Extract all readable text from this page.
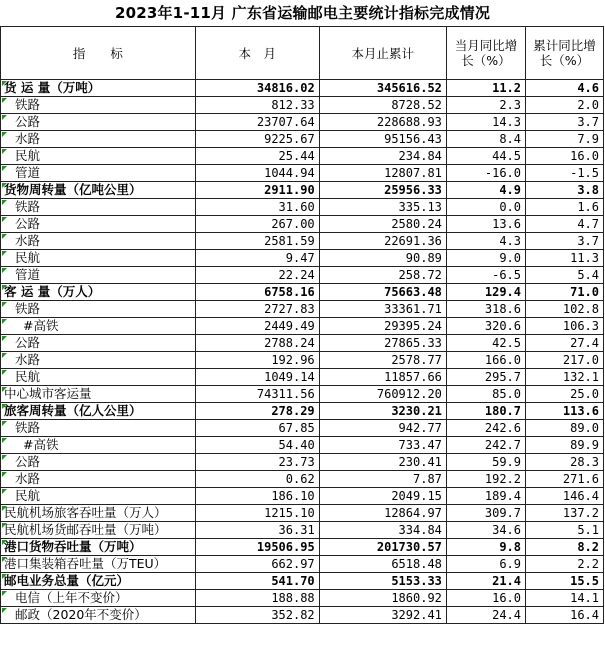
2023年1-11月 广东省运输邮电主要统计指标完成情况
指　　标	本　月	本月止累计	当月同比增长（%）	累计同比增长（%）

货 运 量（万吨）	34816.02	345616.52	11.2	4.6

铁路	812.33	8728.52	2.3	2.0

公路	23707.64	228688.93	14.3	3.7

水路	9225.67	95156.43	8.4	7.9

民航	25.44	234.84	44.5	16.0

管道	1044.94	12807.81	-16.0	-1.5

货物周转量（亿吨公里）	2911.90	25956.33	4.9	3.8

铁路	31.60	335.13	0.0	1.6

公路	267.00	2580.24	13.6	4.7

水路	2581.59	22691.36	4.3	3.7

民航	9.47	90.89	9.0	11.3

管道	22.24	258.72	-6.5	5.4

客 运 量（万人）	6758.16	75663.48	129.4	71.0

铁路	2727.83	33361.71	318.6	102.8

#高铁	2449.49	29395.24	320.6	106.3

公路	2788.24	27865.33	42.5	27.4

水路	192.96	2578.77	166.0	217.0

民航	1049.14	11857.66	295.7	132.1

中心城市客运量	74311.56	760912.20	85.0	25.0

旅客周转量（亿人公里）	278.29	3230.21	180.7	113.6

铁路	67.85	942.77	242.6	89.0

#高铁	54.40	733.47	242.7	89.9

公路	23.73	230.41	59.9	28.3

水路	0.62	7.87	192.2	271.6

民航	186.10	2049.15	189.4	146.4

民航机场旅客吞吐量（万人）	1215.10	12864.97	309.7	137.2

民航机场货邮吞吐量（万吨）	36.31	334.84	34.6	5.1

港口货物吞吐量（万吨）	19506.95	201730.57	9.8	8.2

港口集装箱吞吐量（万TEU）	662.97	6518.48	6.9	2.2

邮电业务总量（亿元）	541.70	5153.33	21.4	15.5

电信（上年不变价）	188.88	1860.92	16.0	14.1

邮政（2020年不变价）	352.82	3292.41	24.4	16.4
